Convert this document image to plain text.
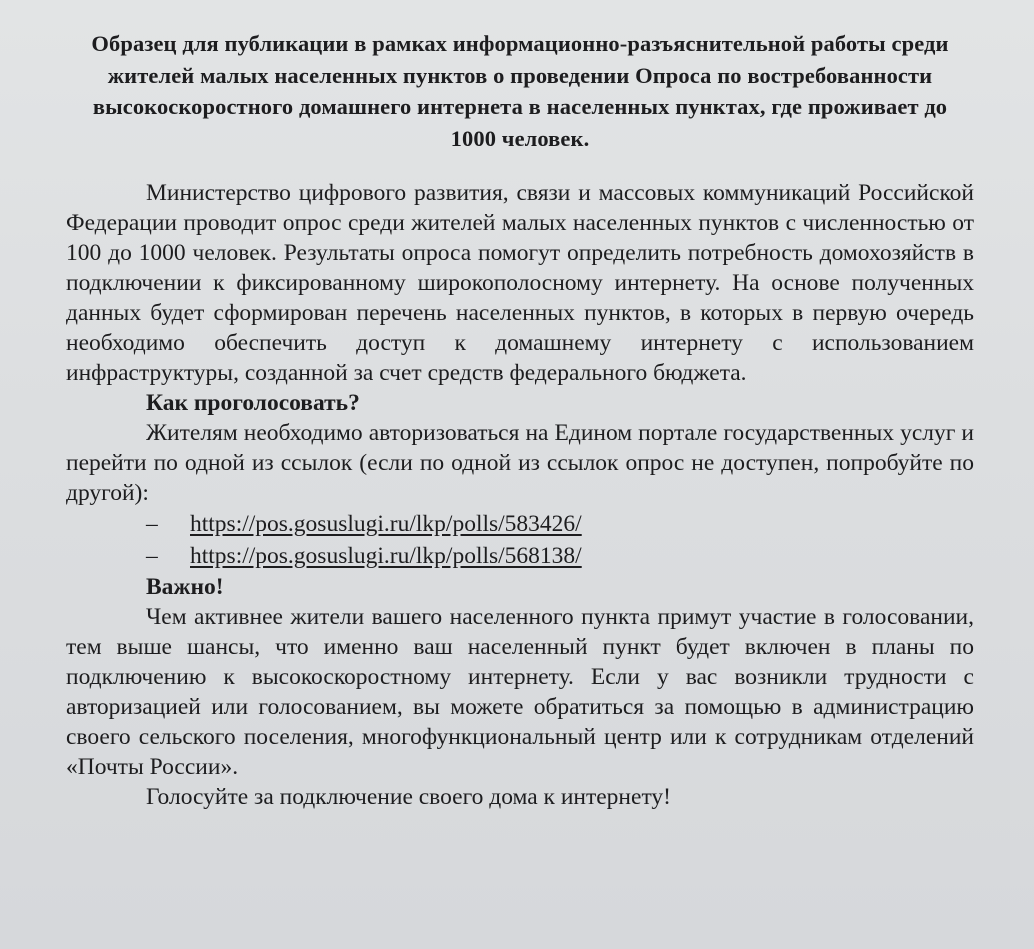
Образец для публикации в рамках информационно-разъяснительной работы среди жителей малых населенных пунктов о проведении Опроса по востребованности высокоскоростного домашнего интернета в населенных пунктах, где проживает до 1000 человек.

Министерство цифрового развития, связи и массовых коммуникаций Российской Федерации проводит опрос среди жителей малых населенных пунктов с численностью от 100 до 1000 человек. Результаты опроса помогут определить потребность домохозяйств в подключении к фиксированному широкополосному интернету. На основе полученных данных будет сформирован перечень населенных пунктов, в которых в первую очередь необходимо обеспечить доступ к домашнему интернету с использованием инфраструктуры, созданной за счет средств федерального бюджета.

Как проголосовать?

Жителям необходимо авторизоваться на Едином портале государственных услуг и перейти по одной из ссылок (если по одной из ссылок опрос не доступен, попробуйте по другой):

– https://pos.gosuslugi.ru/lkp/polls/583426/
– https://pos.gosuslugi.ru/lkp/polls/568138/

Важно!

Чем активнее жители вашего населенного пункта примут участие в голосовании, тем выше шансы, что именно ваш населенный пункт будет включен в планы по подключению к высокоскоростному интернету. Если у вас возникли трудности с авторизацией или голосованием, вы можете обратиться за помощью в администрацию своего сельского поселения, многофункциональный центр или к сотрудникам отделений «Почты России».

Голосуйте за подключение своего дома к интернету!
